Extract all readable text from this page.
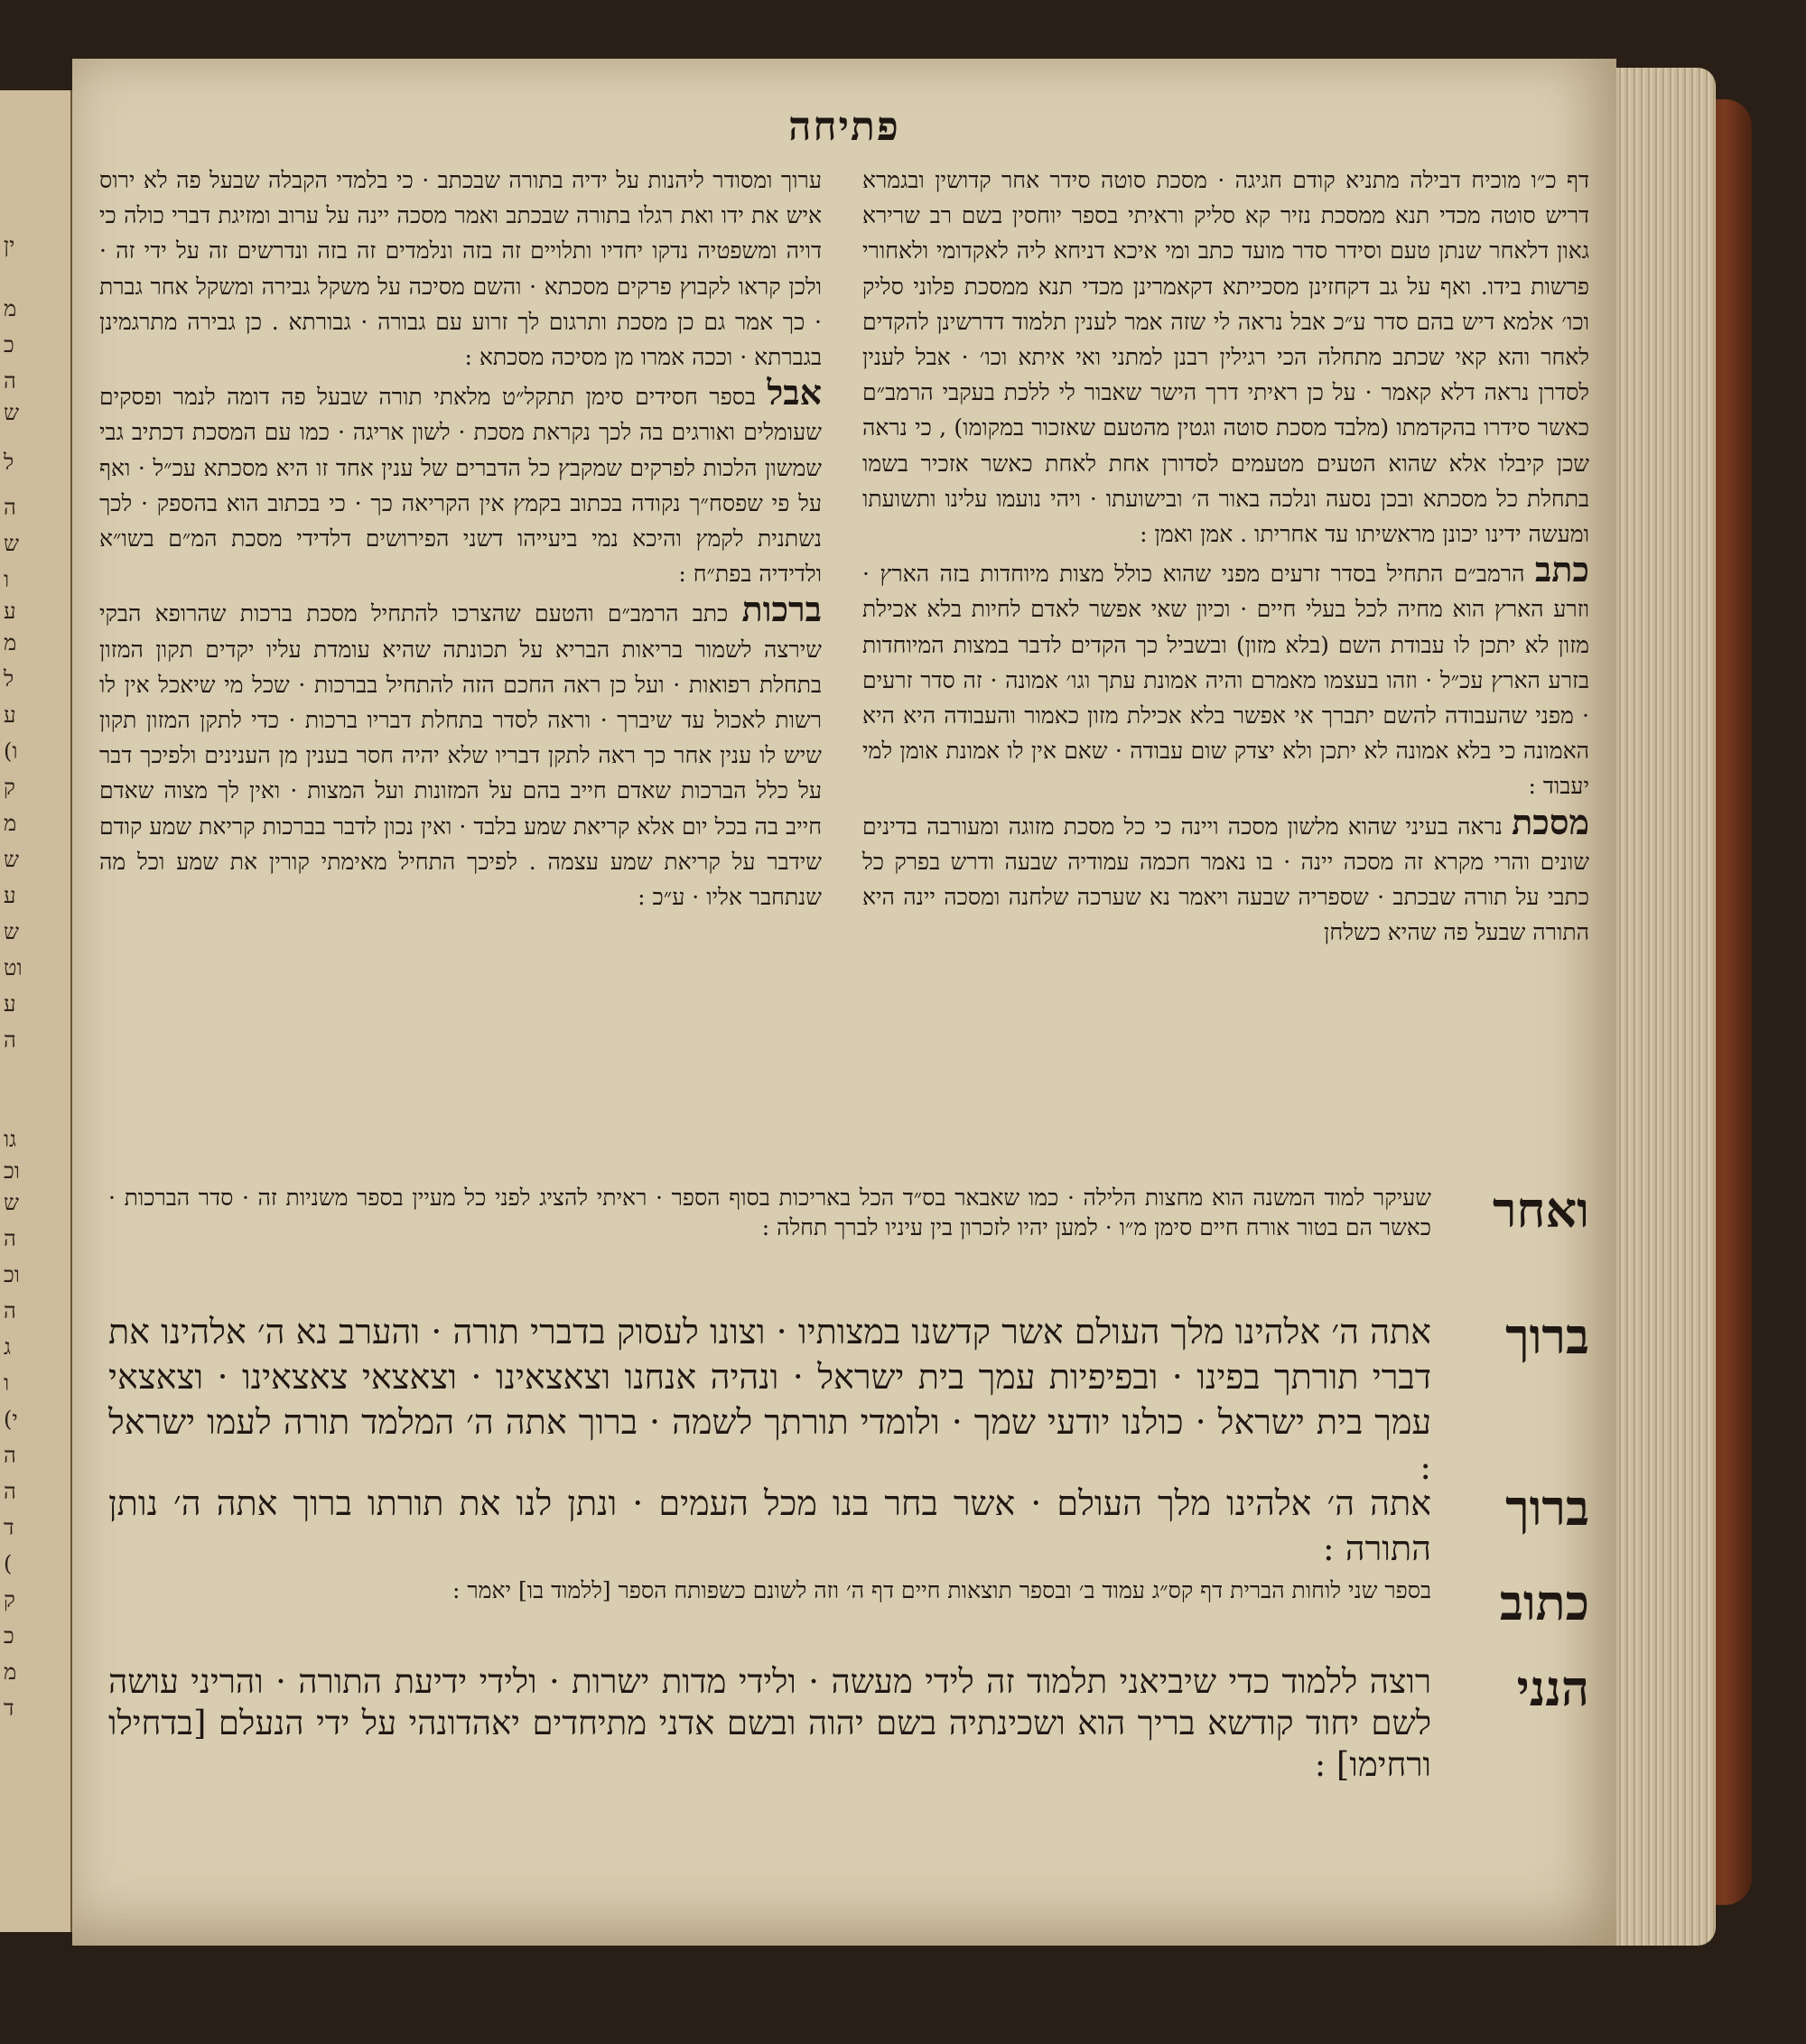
ין
מ
כ
ה
ש
ל
ה
ש
ו
ע
מ
ל
ע
(ו
ק
מ
ש
ע
ש
וט
ע
ה
גו
וכ
ש
ה
וכ
ה
ג
ו
(י
ה
ה
ד
(
ק
כ
מ
ד
פתיחה
דף כ״ו מוכיח דבילה מתניא קודם חגיגה · מסכת סוטה סידר אחר קדושין ובגמרא דריש סוטה מכדי תנא ממסכת נזיר קא סליק וראיתי בספר יוחסין בשם רב שרירא גאון דלאחר שנתן טעם וסידר סדר מועד כתב ומי איכא דניחא ליה לאקדומי ולאחורי פרשות בידו. ואף על גב דקחזינן מסכייתא דקאמרינן מכדי תנא ממסכת פלוני סליק וכו׳ אלמא דיש בהם סדר ע״כ אבל נראה לי שזה אמר לענין תלמוד דדרשינן להקדים לאחר והא קאי שכתב מתחלה הכי רגילין רבנן למתני ואי איתא וכו׳ · אבל לענין לסדרן נראה דלא קאמר · על כן ראיתי דרך הישר שאבור לי ללכת בעקבי הרמב״ם כאשר סידרו בהקדמתו (מלבד מסכת סוטה וגטין מהטעם שאזכור במקומו) , כי נראה שכן קיבלו אלא שהוא הטעים מטעמים לסדורן אחת לאחת כאשר אזכיר בשמו בתחלת כל מסכתא ובכן נסעה ונלכה באור ה׳ ובישועתו · ויהי נועמו עלינו ותשועתו ומעשה ידינו יכונן מראשיתו עד אחריתו . אמן ואמן :
כתב הרמב״ם התחיל בסדר זרעים מפני שהוא כולל מצות מיוחדות בזה הארץ · וזרע הארץ הוא מחיה לכל בעלי חיים · וכיון שאי אפשר לאדם לחיות בלא אכילת מזון לא יתכן לו עבודת השם (בלא מזון) ובשביל כך הקדים לדבר במצות המיוחדות בזרע הארץ עכ״ל · וזהו בעצמו מאמרם והיה אמונת עתך וגו׳ אמונה · זה סדר זרעים · מפני שהעבודה להשם יתברך אי אפשר בלא אכילת מזון כאמור והעבודה היא היא האמונה כי בלא אמונה לא יתכן ולא יצדק שום עבודה · שאם אין לו אמונת אומן למי יעבוד :
מסכת נראה בעיני שהוא מלשון מסכה ויינה כי כל מסכת מזוגה ומעורבה בדינים שונים והרי מקרא זה מסכה יינה · בו נאמר חכמה עמודיה שבעה ודרש בפרק כל כתבי על תורה שבכתב · שספריה שבעה ויאמר נא שערכה שלחנה ומסכה יינה היא התורה שבעל פה שהיא כשלחן
ערוך ומסודר ליהנות על ידיה בתורה שבכתב · כי בלמדי הקבלה שבעל פה לא ירוס איש את ידו ואת רגלו בתורה שבכתב ואמר מסכה יינה על ערוב ומזיגת דברי כולה כי דויה ומשפטיה נדקו יחדיו ותלויים זה בזה ונלמדים זה בזה ונדרשים זה על ידי זה · ולכן קראו לקבוץ פרקים מסכתא · והשם מסיכה על משקל גבירה ומשקל אחר גברת · כך אמר גם כן מסכת ותרגום לך זרוע עם גבורה · גבורתא . כן גבירה מתרגמינן בגברתא · וככה אמרו מן מסיכה מסכתא :
אבל בספר חסידים סימן תתקל״ט מלאתי תורה שבעל פה דומה לנמר ופסקים שעומלים ואורגים בה לכך נקראת מסכת · לשון אריגה · כמו עם המסכת דכתיב גבי שמשון הלכות לפרקים שמקבץ כל הדברים של ענין אחד זו היא מסכתא עכ״ל · ואף על פי שפסח״ך נקודה בכתוב בקמץ אין הקריאה כך · כי בכתוב הוא בהספק · לכך נשתנית לקמץ והיכא נמי ביעייהו דשני הפירושים דלדידי מסכת המ״ם בשו״א ולדידיה בפת״ח :
ברכות כתב הרמב״ם והטעם שהצרכו להתחיל מסכת ברכות שהרופא הבקי שירצה לשמור בריאות הבריא על תכונתה שהיא עומדת עליו יקדים תקון המזון בתחלת רפואות · ועל כן ראה החכם הזה להתחיל בברכות · שכל מי שיאכל אין לו רשות לאכול עד שיברך · וראה לסדר בתחלת דבריו ברכות · כדי לתקן המזון תקון שיש לו ענין אחר כך ראה לתקן דבריו שלא יהיה חסר בענין מן הענינים ולפיכך דבר על כלל הברכות שאדם חייב בהם על המזונות ועל המצות · ואין לך מצוה שאדם חייב בה בכל יום אלא קריאת שמע בלבד · ואין נכון לדבר בברכות קריאת שמע קודם שידבר על קריאת שמע עצמה . לפיכך התחיל מאימתי קורין את שמע וכל מה שנתחבר אליו · ע״כ :
ואחר
שעיקר למוד המשנה הוא מחצות הלילה · כמו שאבאר בס״ד הכל באריכות בסוף הספר · ראיתי להציג לפני כל מעיין בספר משניות זה · סדר הברכות · כאשר הם בטור אורח חיים סימן מ״ו · למען יהיו לזכרון בין עיניו לברך תחלה :
ברוך
אתה ה׳ אלהינו מלך העולם אשר קדשנו במצותיו · וצונו לעסוק בדברי תורה · והערב נא ה׳ אלהינו את דברי תורתך בפינו · ובפיפיות עמך בית ישראל · ונהיה אנחנו וצאצאינו · וצאצאי צאצאינו · וצאצאי עמך בית ישראל · כולנו יודעי שמך · ולומדי תורתך לשמה · ברוך אתה ה׳ המלמד תורה לעמו ישראל :
ברוך
אתה ה׳ אלהינו מלך העולם · אשר בחר בנו מכל העמים · ונתן לנו את תורתו ברוך אתה ה׳ נותן התורה :
כתוב
בספר שני לוחות הברית דף קס״ג עמוד ב׳ ובספר תוצאות חיים דף ה׳ וזה לשונם כשפותח הספר [ללמוד בו] יאמר :
הנני
רוצה ללמוד כדי שיביאני תלמוד זה לידי מעשה · ולידי מדות ישרות · ולידי ידיעת התורה · והריני עושה לשם יחוד קודשא בריך הוא ושכינתיה בשם יהוה ובשם אדני מתיחדים יאהדונהי על ידי הנעלם [בדחילו ורחימו] :
